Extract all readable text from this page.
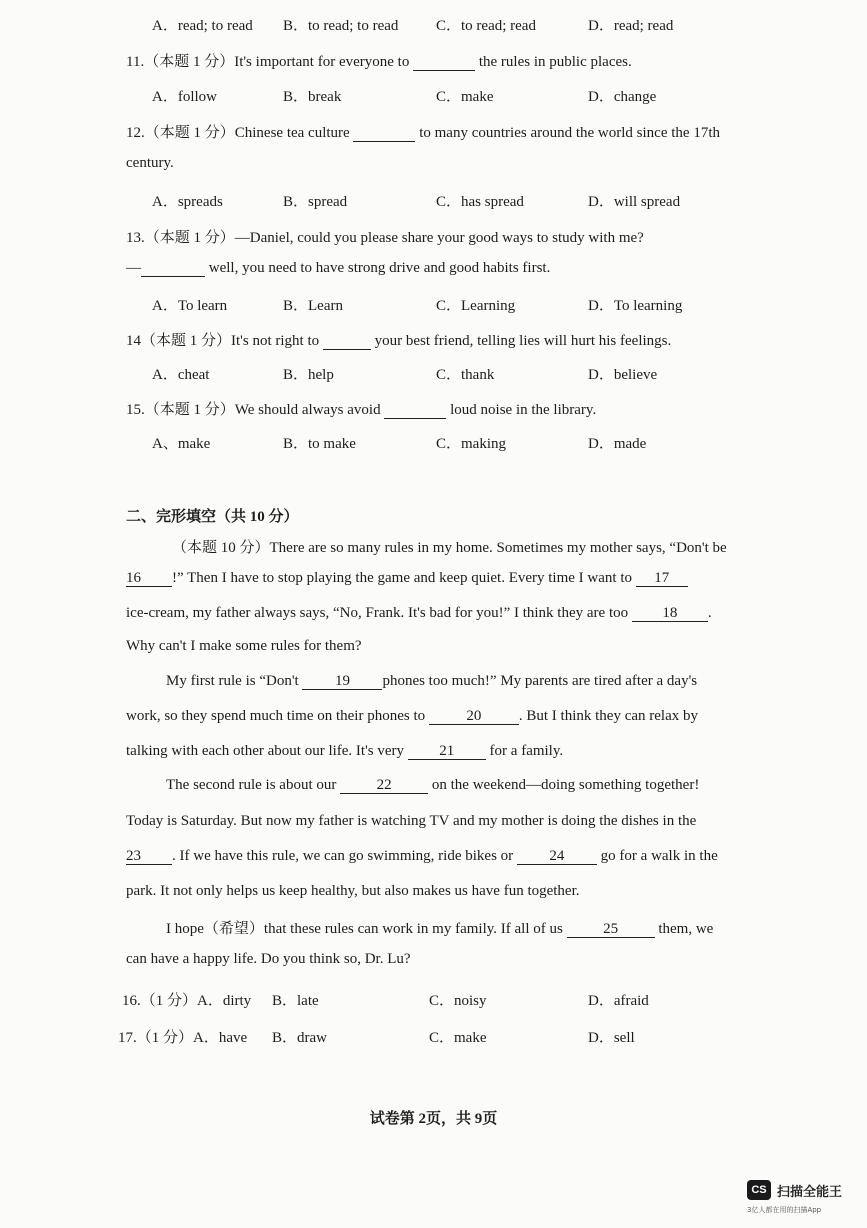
A．read; to read B．to read; to read	C．to read; read	D．read; read
11.（本题 1 分）It's important for everyone to	the rules in public places.
A．follow	B．break	C．make	D．change
12.（本题 1 分）Chinese tea culture	to many countries around the world since the 17th
century.
A．spreads	B．spread	C．has spread	D．will spread
13.（本题 1 分）—Daniel, could you please share your good ways to study with me?
—	well, you need to have strong drive and good habits first.
A．To learn	B．Learn	C．Learning	D．To learning
14（本题 1 分）It's not right to	your best friend, telling lies will hurt his feelings.
A．cheat	B．help	C．thank	D．believe
15.（本题 1 分）We should always avoid	loud noise in the library.
A、make	B．to make	C．making	D．made
二、完形填空（共 10 分）
（本题 10 分）There are so many rules in my home. Sometimes my mother says, “Don't be
16 !” Then I have to stop playing the game and keep quiet. Every time I want to 17
ice-cream, my father always says, “No, Frank. It's bad for you!” I think they are too 18 .
Why can't I make some rules for them?
My first rule is “Don't 19 phones too much!” My parents are tired after a day's
work, so they spend much time on their phones to	20	. But I think they can relax by
talking with each other about our life. It's very 21 for a family.
The second rule is about our 22 on the weekend—doing something together!
Today is Saturday. But now my father is watching TV and my mother is doing the dishes in the
23 . If we have this rule, we can go swimming, ride bikes or 24 go for a walk in the
park. It not only helps us keep healthy, but also makes us have fun together.
I hope（希望）that these rules can work in my family. If all of us 25 them, we
can have a happy life. Do you think so, Dr. Lu?
16.（1 分）A．dirty B．late	C．noisy	D．afraid
17.（1 分）A．have B．draw	C．make	D．sell
试卷第 2页，共 9页
CS 扫描全能王
3亿人都在用的扫描App
